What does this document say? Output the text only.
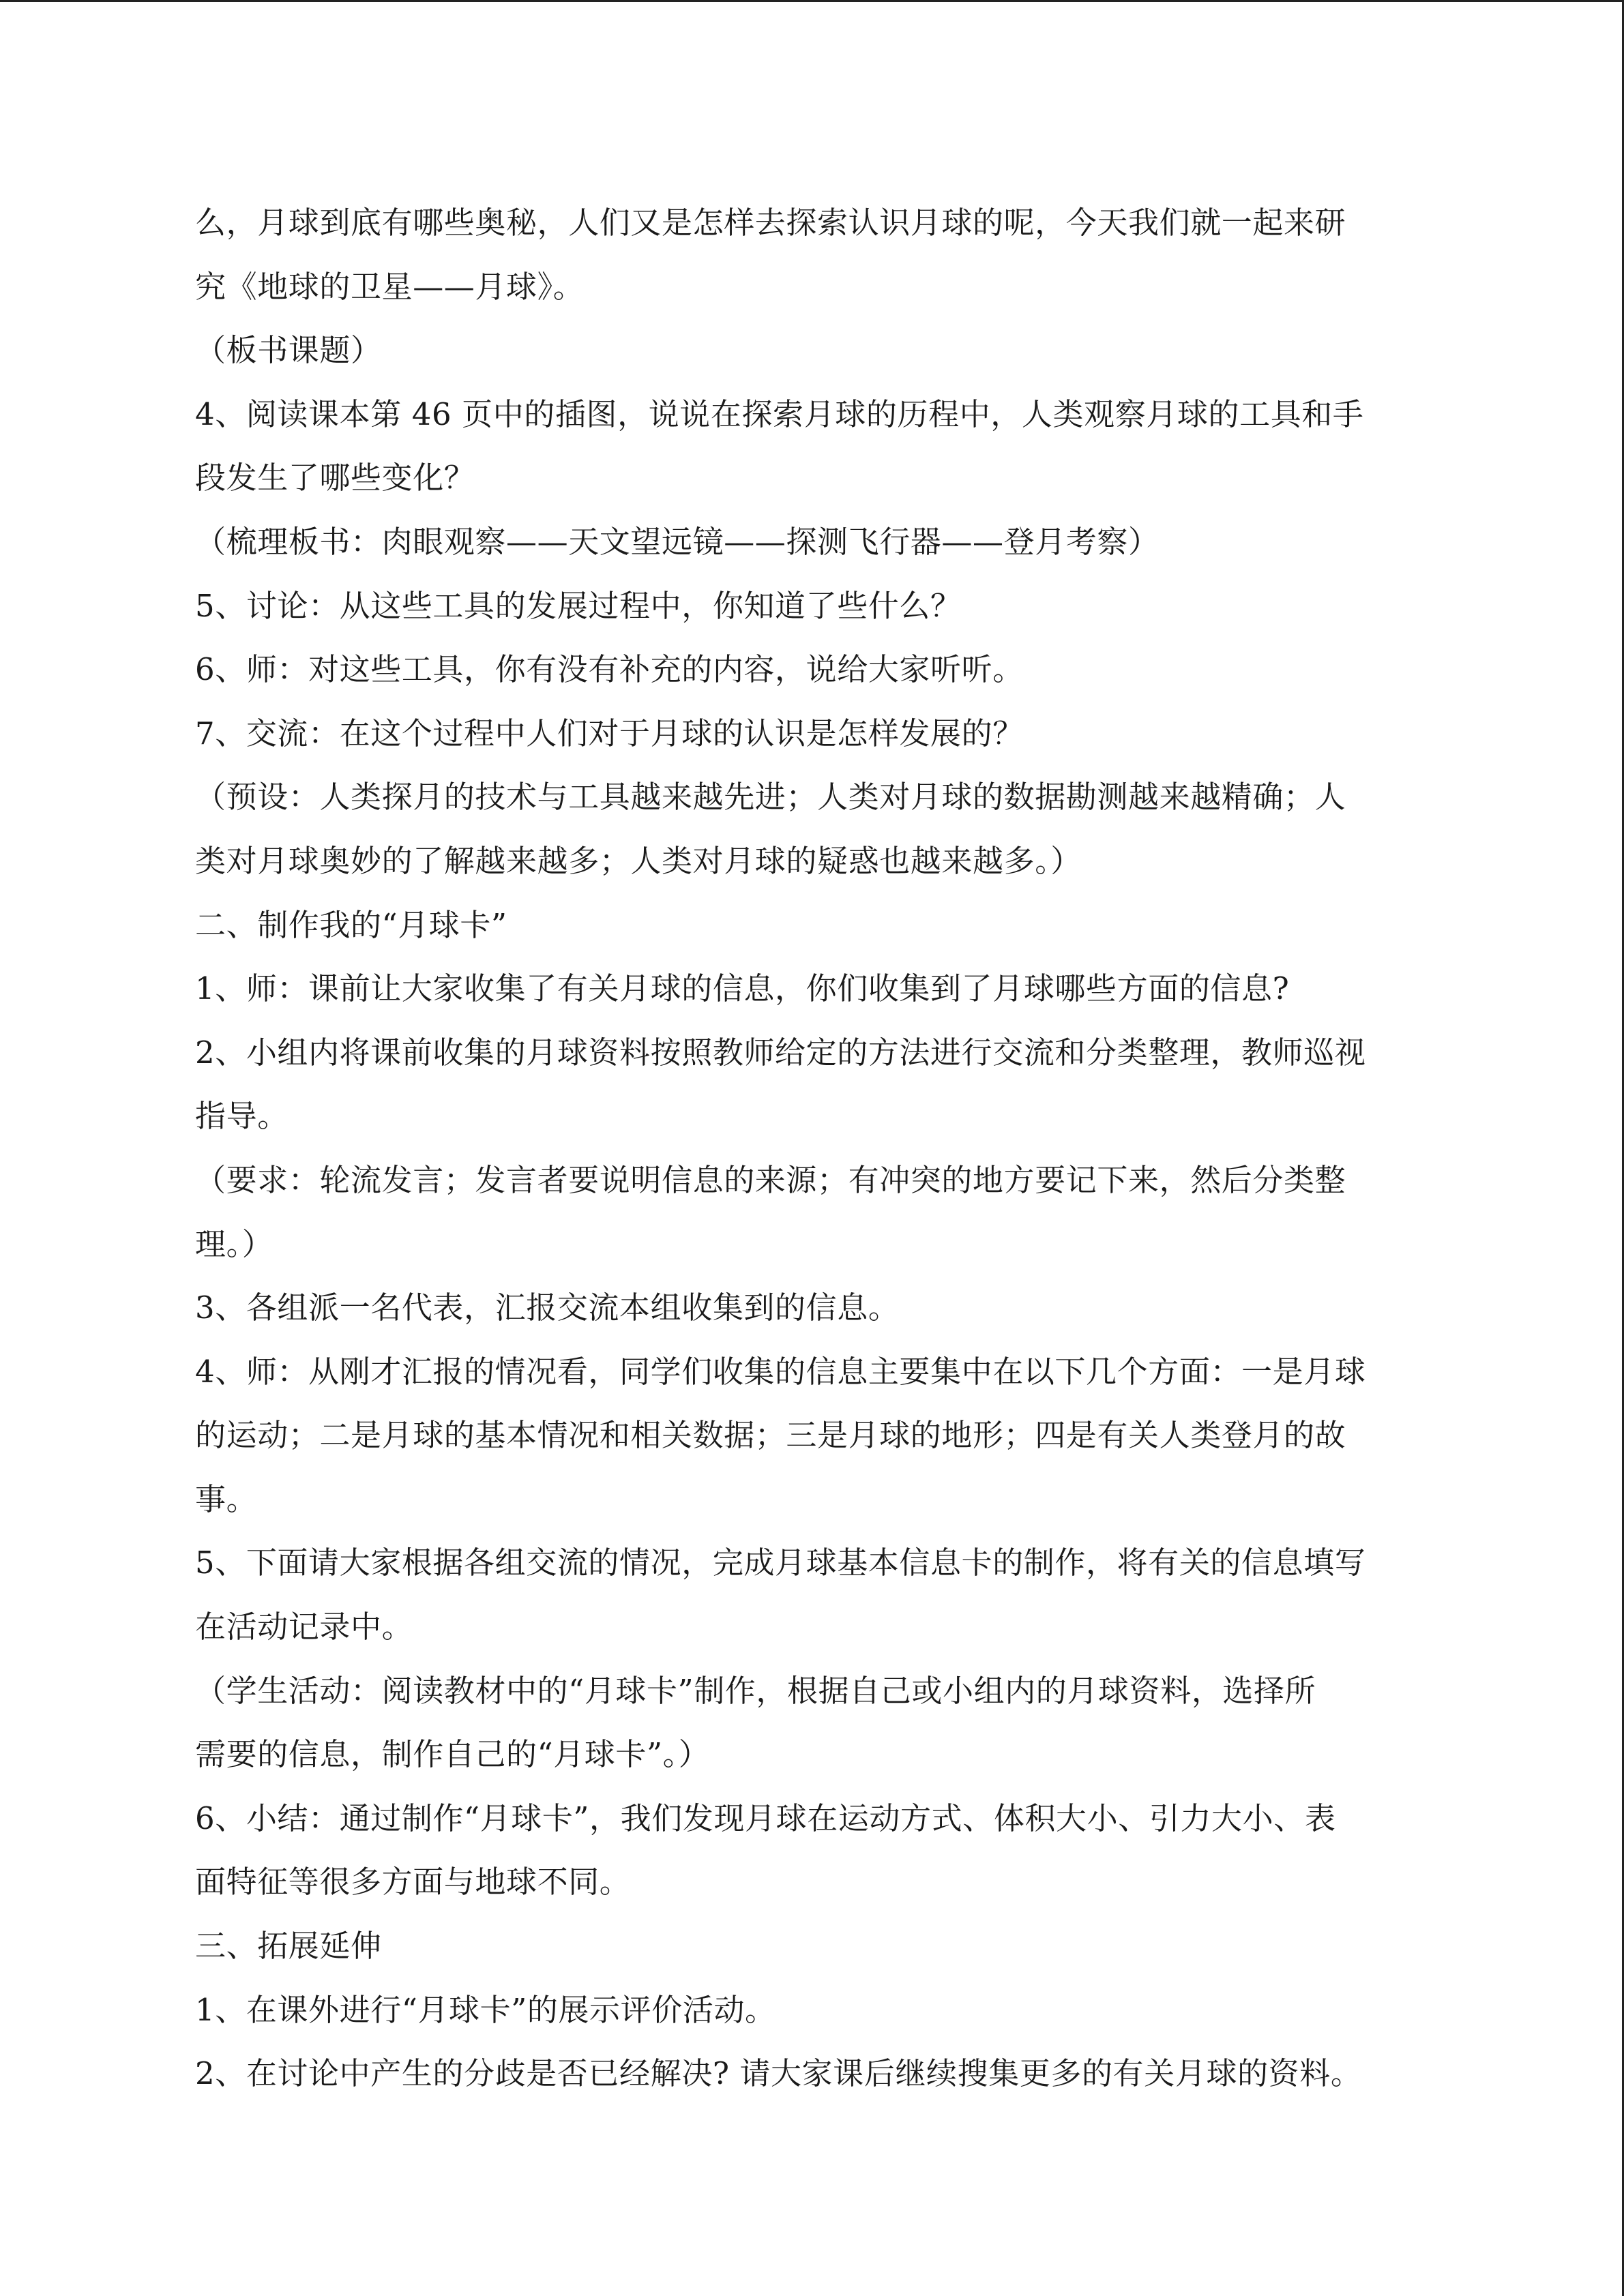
么，月球到底有哪些奥秘，人们又是怎样去探索认识月球的呢，今天我们就一起来研
究《地球的卫星——月球》。
（板书课题）
4、阅读课本第 46 页中的插图，说说在探索月球的历程中，人类观察月球的工具和手
段发生了哪些变化？
（梳理板书：肉眼观察——天文望远镜——探测飞行器——登月考察）
5、讨论：从这些工具的发展过程中，你知道了些什么？
6、师：对这些工具，你有没有补充的内容，说给大家听听。
7、交流：在这个过程中人们对于月球的认识是怎样发展的？
（预设：人类探月的技术与工具越来越先进；人类对月球的数据勘测越来越精确；人
类对月球奥妙的了解越来越多；人类对月球的疑惑也越来越多。）
二、制作我的“月球卡”
1、师：课前让大家收集了有关月球的信息，你们收集到了月球哪些方面的信息?
2、小组内将课前收集的月球资料按照教师给定的方法进行交流和分类整理，教师巡视
指导。
（要求：轮流发言；发言者要说明信息的来源；有冲突的地方要记下来，然后分类整
理。）
3、各组派一名代表，汇报交流本组收集到的信息。
4、师：从刚才汇报的情况看，同学们收集的信息主要集中在以下几个方面：一是月球
的运动；二是月球的基本情况和相关数据；三是月球的地形；四是有关人类登月的故
事。
5、下面请大家根据各组交流的情况，完成月球基本信息卡的制作，将有关的信息填写
在活动记录中。
（学生活动：阅读教材中的“月球卡”制作，根据自己或小组内的月球资料，选择所
需要的信息，制作自己的“月球卡”。）
6、小结：通过制作“月球卡”，我们发现月球在运动方式、体积大小、引力大小、表
面特征等很多方面与地球不同。
三、拓展延伸
1、在课外进行“月球卡”的展示评价活动。
2、在讨论中产生的分歧是否已经解决? 请大家课后继续搜集更多的有关月球的资料。
